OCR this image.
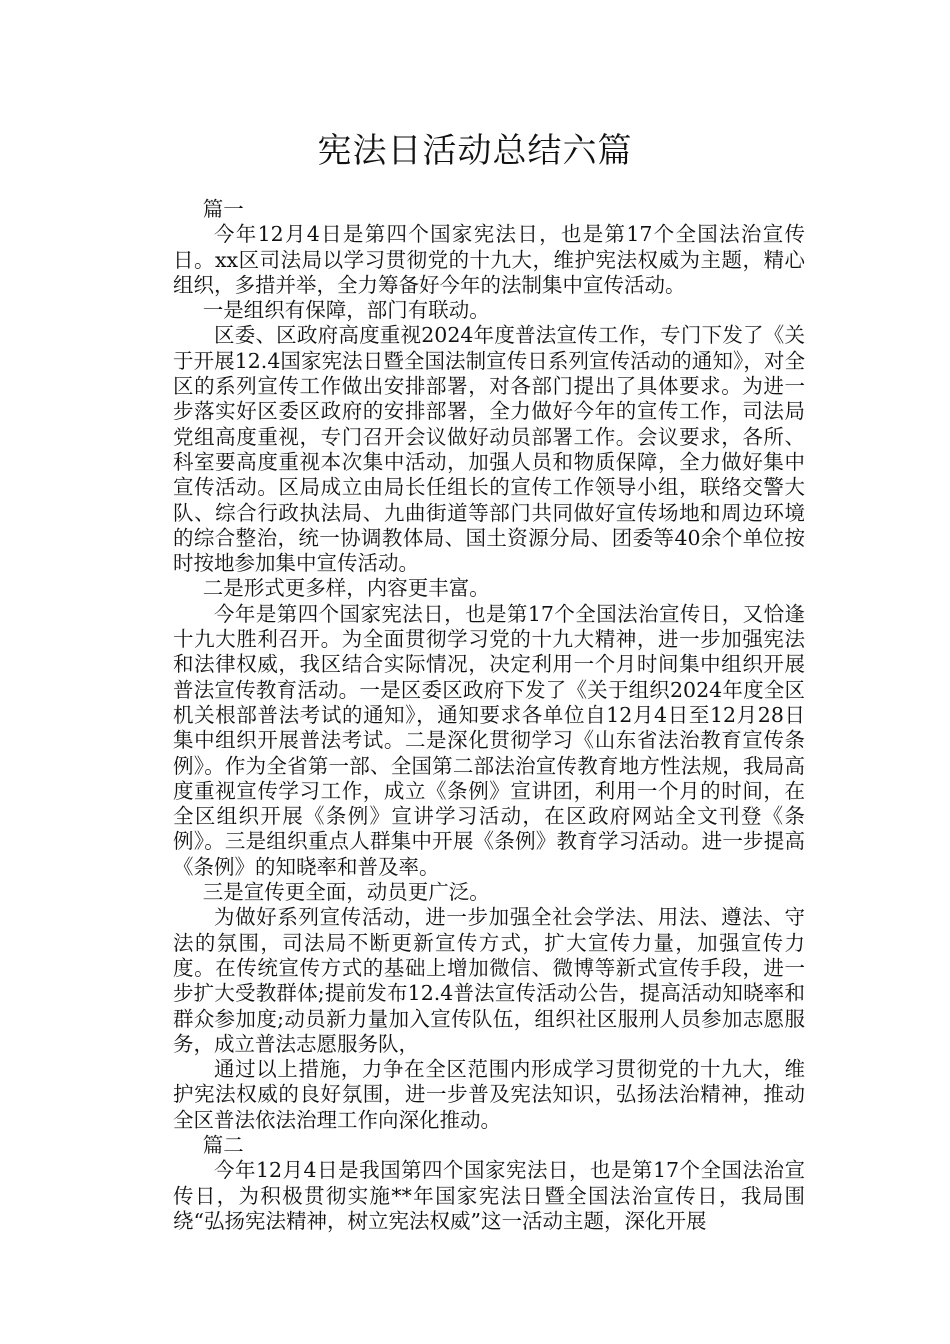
宪法日活动总结六篇

篇一

今年12月4日是第四个国家宪法日，也是第17个全国法治宣传日。xx区司法局以学习贯彻党的十九大，维护宪法权威为主题，精心组织，多措并举，全力筹备好今年的法制集中宣传活动。

一是组织有保障，部门有联动。

区委、区政府高度重视2024年度普法宣传工作，专门下发了《关于开展12.4国家宪法日暨全国法制宣传日系列宣传活动的通知》，对全区的系列宣传工作做出安排部署，对各部门提出了具体要求。为进一步落实好区委区政府的安排部署，全力做好今年的宣传工作，司法局党组高度重视，专门召开会议做好动员部署工作。会议要求，各所、科室要高度重视本次集中活动，加强人员和物质保障，全力做好集中宣传活动。区局成立由局长任组长的宣传工作领导小组，联络交警大队、综合行政执法局、九曲街道等部门共同做好宣传场地和周边环境的综合整治，统一协调教体局、国土资源分局、团委等40余个单位按时按地参加集中宣传活动。

二是形式更多样，内容更丰富。

今年是第四个国家宪法日，也是第17个全国法治宣传日，又恰逢十九大胜利召开。为全面贯彻学习党的十九大精神，进一步加强宪法和法律权威，我区结合实际情况，决定利用一个月时间集中组织开展普法宣传教育活动。一是区委区政府下发了《关于组织2024年度全区机关根部普法考试的通知》，通知要求各单位自12月4日至12月28日集中组织开展普法考试。二是深化贯彻学习《山东省法治教育宣传条例》。作为全省第一部、全国第二部法治宣传教育地方性法规，我局高度重视宣传学习工作，成立《条例》宣讲团，利用一个月的时间，在全区组织开展《条例》宣讲学习活动，在区政府网站全文刊登《条例》。三是组织重点人群集中开展《条例》教育学习活动。进一步提高《条例》的知晓率和普及率。

三是宣传更全面，动员更广泛。

为做好系列宣传活动，进一步加强全社会学法、用法、遵法、守法的氛围，司法局不断更新宣传方式，扩大宣传力量，加强宣传力度。在传统宣传方式的基础上增加微信、微博等新式宣传手段，进一步扩大受教群体;提前发布12.4普法宣传活动公告，提高活动知晓率和群众参加度;动员新力量加入宣传队伍，组织社区服刑人员参加志愿服务，成立普法志愿服务队，

通过以上措施，力争在全区范围内形成学习贯彻党的十九大，维护宪法权威的良好氛围，进一步普及宪法知识，弘扬法治精神，推动全区普法依法治理工作向深化推动。

篇二

今年12月4日是我国第四个国家宪法日，也是第17个全国法治宣传日，为积极贯彻实施**年国家宪法日暨全国法治宣传日，我局围绕“弘扬宪法精神，树立宪法权威”这一活动主题，深化开展
